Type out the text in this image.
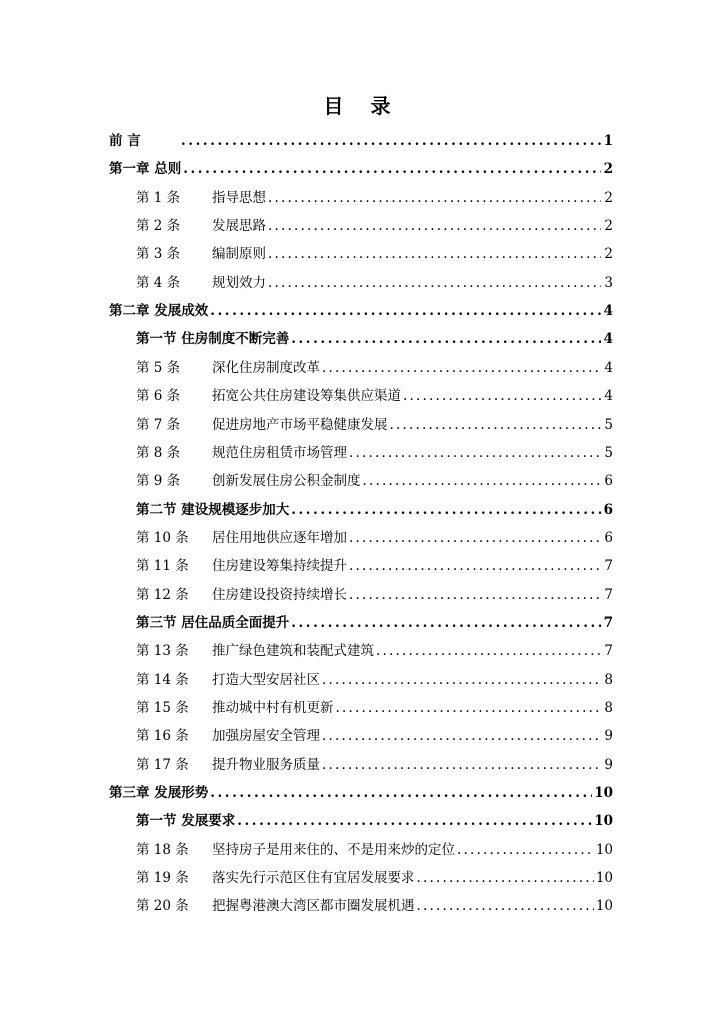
目 录
前 言 .....	1
第一章 总则 .....	2
第 1 条	指导思想 .....	2
第 2 条	发展思路 .....	2
第 3 条	编制原则 .....	2
第 4 条	规划效力 .....	3
第二章 发展成效 .....	4
第一节 住房制度不断完善 .....	4
第 5 条	深化住房制度改革 .....	4
第 6 条	拓宽公共住房建设筹集供应渠道 .....	4
第 7 条	促进房地产市场平稳健康发展 .....	5
第 8 条	规范住房租赁市场管理 .....	5
第 9 条	创新发展住房公积金制度 .....	6
第二节 建设规模逐步加大 .....	6
第 10 条	居住用地供应逐年增加 .....	6
第 11 条	住房建设筹集持续提升 .....	7
第 12 条	住房建设投资持续增长 .....	7
第三节 居住品质全面提升 .....	7
第 13 条	推广绿色建筑和装配式建筑 .....	7
第 14 条	打造大型安居社区 .....	8
第 15 条	推动城中村有机更新 .....	8
第 16 条	加强房屋安全管理 .....	9
第 17 条	提升物业服务质量 .....	9
第三章 发展形势 .....	10
第一节 发展要求 .....	10
第 18 条	坚持房子是用来住的、不是用来炒的定位 .....	10
第 19 条	落实先行示范区住有宜居发展要求 .....	10
第 20 条	把握粤港澳大湾区都市圈发展机遇 .....	10
